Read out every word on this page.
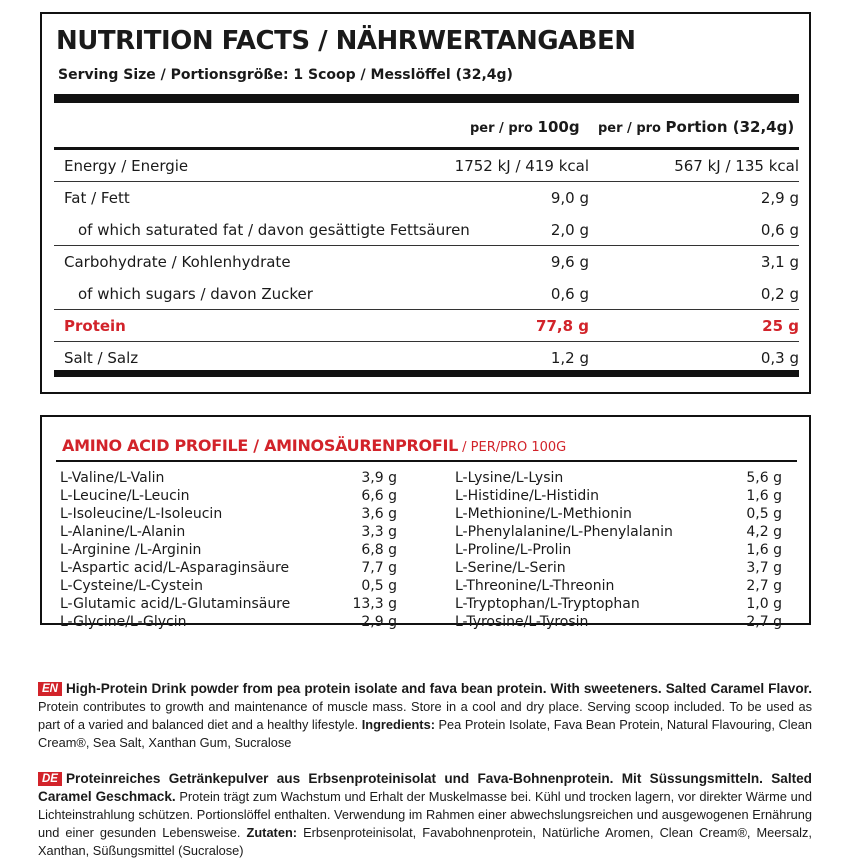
NUTRITION FACTS / NÄHRWERTANGABEN
Serving Size / Portionsgröße: 1 Scoop / Messlöffel (32,4g)
per / pro 100g per / pro Portion (32,4g)
Energy / Energie	1752 kJ / 419 kcal	567 kJ / 135 kcal
Fat / Fett	9,0 g	2,9 g
of which saturated fat / davon gesättigte Fettsäuren	2,0 g	0,6 g
Carbohydrate / Kohlenhydrate	9,6 g	3,1 g
of which sugars / davon Zucker	0,6 g	0,2 g
Protein	77,8 g	25 g
Salt / Salz	1,2 g	0,3 g
AMINO ACID PROFILE / AMINOSÄURENPROFIL / PER/PRO 100G
L-Valine/L-Valin	3,9 g
L-Leucine/L-Leucin	6,6 g
L-Isoleucine/L-Isoleucin	3,6 g
L-Alanine/L-Alanin	3,3 g
L-Arginine /L-Arginin	6,8 g
L-Aspartic acid/L-Asparaginsäure	7,7 g
L-Cysteine/L-Cystein	0,5 g
L-Glutamic acid/L-Glutaminsäure	13,3 g
L-Glycine/L-Glycin	2,9 g
L-Lysine/L-Lysin	5,6 g
L-Histidine/L-Histidin	1,6 g
L-Methionine/L-Methionin	0,5 g
L-Phenylalanine/L-Phenylalanin	4,2 g
L-Proline/L-Prolin	1,6 g
L-Serine/L-Serin	3,7 g
L-Threonine/L-Threonin	2,7 g
L-Tryptophan/L-Tryptophan	1,0 g
L-Tyrosine/L-Tyrosin	2,7 g

EN High-Protein Drink powder from pea protein isolate and fava bean protein. With sweeteners. Salted Caramel Flavor. Protein contributes to growth and maintenance of muscle mass. Store in a cool and dry place. Serving scoop included. To be used as part of a varied and balanced diet and a healthy lifestyle. Ingredients: Pea Protein Isolate, Fava Bean Protein, Natural Flavouring, Clean Cream®, Sea Salt, Xanthan Gum, Sucralose

DE Proteinreiches Getränkepulver aus Erbsenproteinisolat und Fava-Bohnenprotein. Mit Süssungsmitteln. Salted Caramel Geschmack. Protein trägt zum Wachstum und Erhalt der Muskelmasse bei. Kühl und trocken lagern, vor direkter Wärme und Lichteinstrahlung schützen. Portionslöffel enthalten. Verwendung im Rahmen einer abwechslungsreichen und ausgewogenen Ernährung und einer gesunden Lebensweise. Zutaten: Erbsenproteinisolat, Favabohnenprotein, Natürliche Aromen, Clean Cream®, Meersalz, Xanthan, Süßungsmittel (Sucralose)
